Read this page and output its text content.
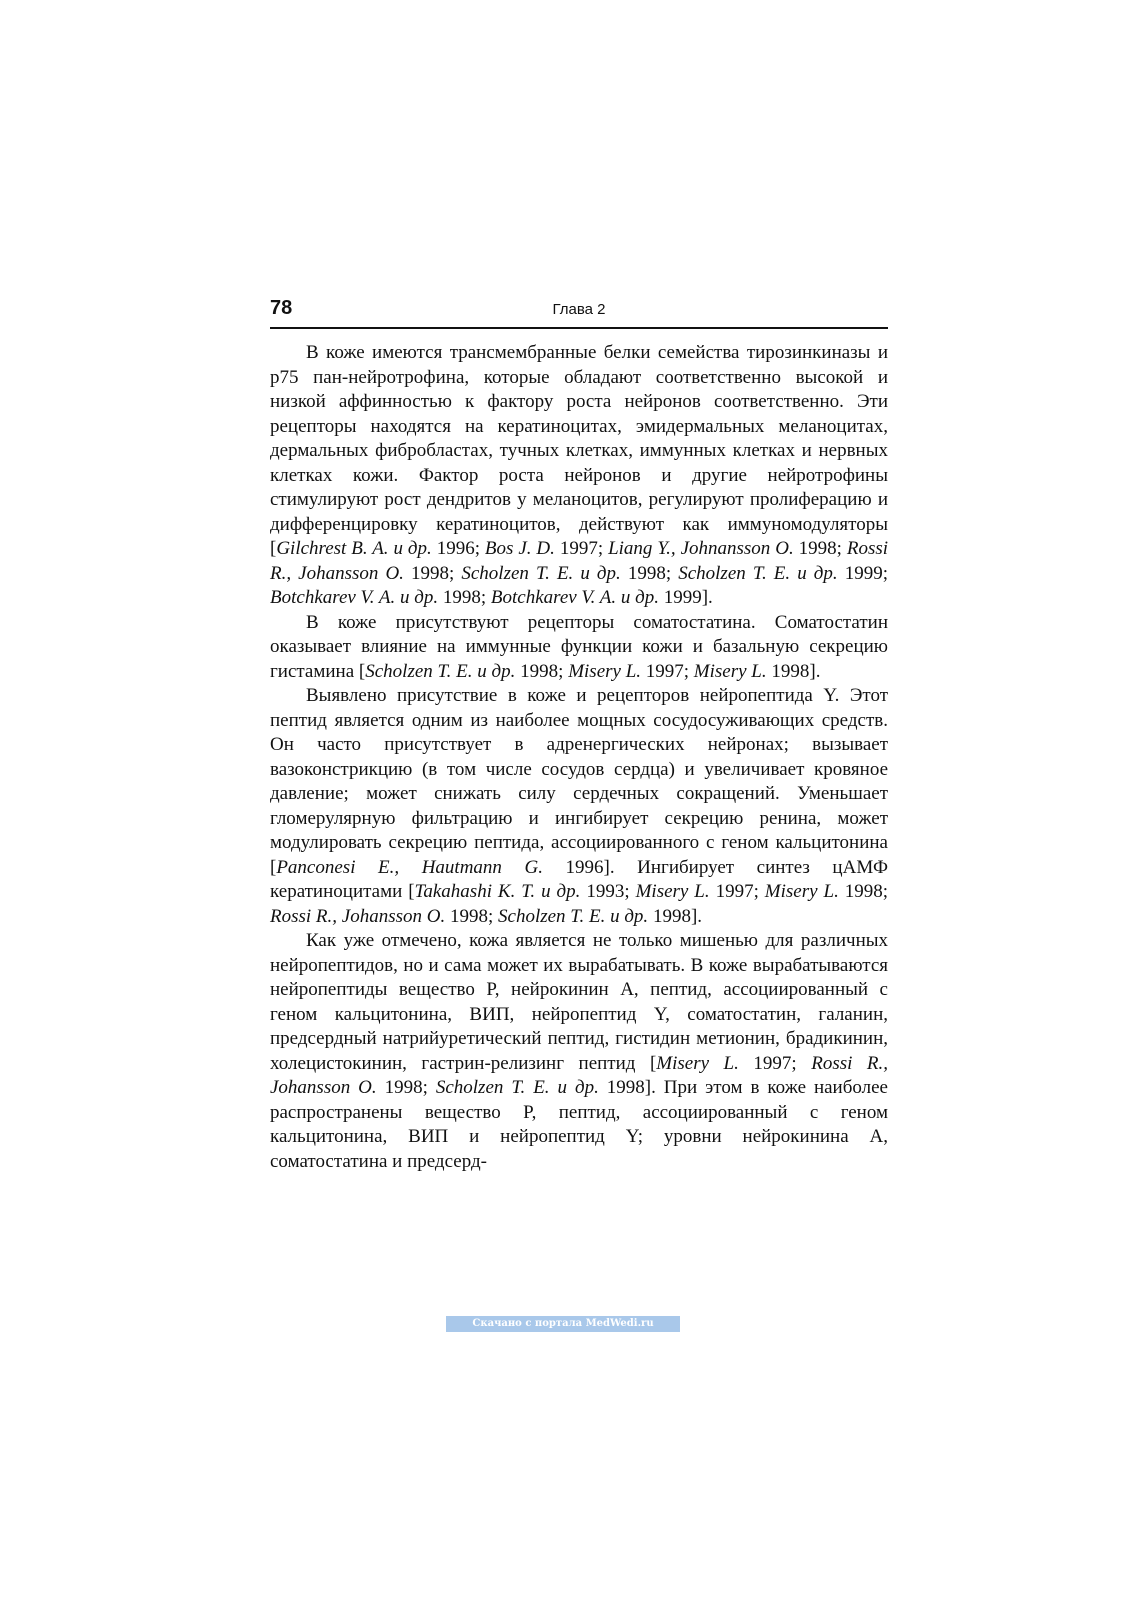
78	Глава 2

В коже имеются трансмембранные белки семейства тирозинкиназы и p75 пан-нейротрофина, которые обладают соответственно высокой и низкой аффинностью к фактору роста нейронов соответственно. Эти рецепторы находятся на кератиноцитах, эмидермальных меланоцитах, дермальных фибробластах, тучных клетках, иммунных клетках и нервных клетках кожи. Фактор роста нейронов и другие нейротрофины стимулируют рост дендритов у меланоцитов, регулируют пролиферацию и дифференцировку кератиноцитов, действуют как иммуномодуляторы [Gilchrest B. A. и др. 1996; Bos J. D. 1997; Liang Y., Johnansson O. 1998; Rossi R., Johansson O. 1998; Scholzen T. E. и др. 1998; Scholzen T. E. и др. 1999; Botchkarev V. A. и др. 1998; Botchkarev V. A. и др. 1999].

В коже присутствуют рецепторы соматостатина. Соматостатин оказывает влияние на иммунные функции кожи и базальную секрецию гистамина [Scholzen T. E. и др. 1998; Misery L. 1997; Misery L. 1998].

Выявлено присутствие в коже и рецепторов нейропептида Y. Этот пептид является одним из наиболее мощных сосудосуживающих средств. Он часто присутствует в адренергических нейронах; вызывает вазоконстрикцию (в том числе сосудов сердца) и увеличивает кровяное давление; может снижать силу сердечных сокращений. Уменьшает гломерулярную фильтрацию и ингибирует секрецию ренина, может модулировать секрецию пептида, ассоциированного с геном кальцитонина [Panconesi E., Hautmann G. 1996]. Ингибирует синтез цАМФ кератиноцитами [Takahashi K. T. и др. 1993; Misery L. 1997; Misery L. 1998; Rossi R., Johansson O. 1998; Scholzen T. E. и др. 1998].

Как уже отмечено, кожа является не только мишенью для различных нейропептидов, но и сама может их вырабатывать. В коже вырабатываются нейропептиды вещество P, нейрокинин A, пептид, ассоциированный с геном кальцитонина, ВИП, нейропептид Y, соматостатин, галанин, предсердный натрийуретический пептид, гистидин метионин, брадикинин, холецистокинин, гастрин-релизинг пептид [Misery L. 1997; Rossi R., Johansson O. 1998; Scholzen T. E. и др. 1998]. При этом в коже наиболее распространены вещество P, пептид, ассоциированный с геном кальцитонина, ВИП и нейропептид Y; уровни нейрокинина A, соматостатина и предсерд-

Скачано с портала MedWedi.ru
